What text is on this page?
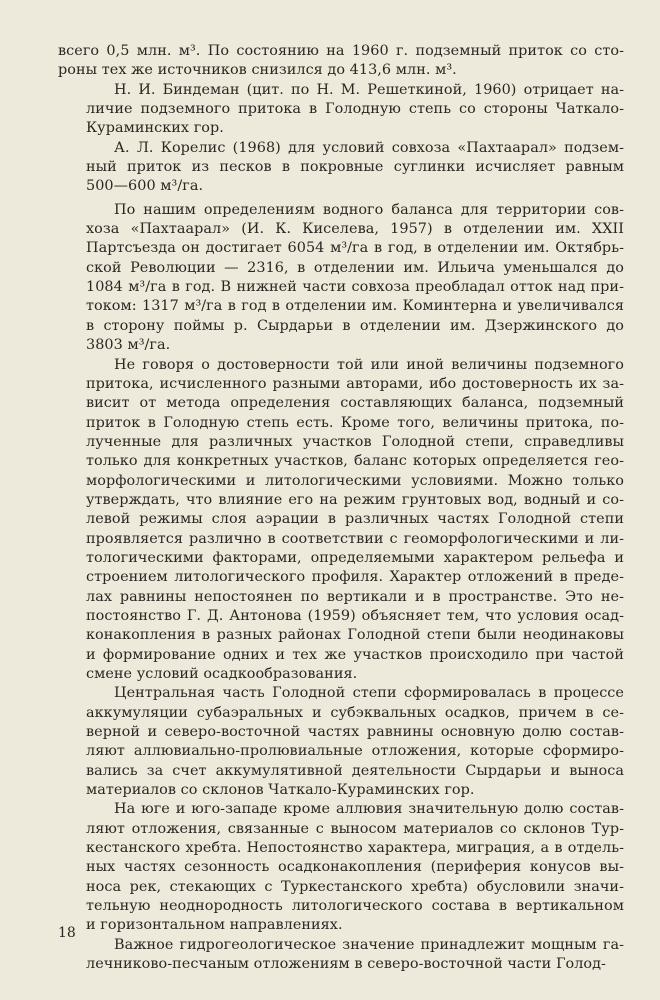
всего 0,5 млн. м³. По состоянию на 1960 г. подземный приток со сто-
роны тех же источников снизился до 413,6 млн. м³.

Н. И. Биндеман (цит. по Н. М. Решеткиной, 1960) отрицает на-
личие подземного притока в Голодную степь со стороны Чаткало-
Кураминских гор.

А. Л. Корелис (1968) для условий совхоза «Пахтаарал» подзем-
ный приток из песков в покровные суглинки исчисляет равным
500—600 м³/га.

По нашим определениям водного баланса для территории сов-
хоза «Пахтаарал» (И. К. Киселева, 1957) в отделении им. XXII
Партсъезда он достигает 6054 м³/га в год, в отделении им. Октябрь-
ской Революции — 2316, в отделении им. Ильича уменьшался до
1084 м³/га в год. В нижней части совхоза преобладал отток над при-
током: 1317 м³/га в год в отделении им. Коминтерна и увеличивался
в сторону поймы р. Сырдарьи в отделении им. Дзержинского до
3803 м³/га.

Не говоря о достоверности той или иной величины подземного
притока, исчисленного разными авторами, ибо достоверность их за-
висит от метода определения составляющих баланса, подземный
приток в Голодную степь есть. Кроме того, величины притока, по-
лученные для различных участков Голодной степи, справедливы
только для конкретных участков, баланс которых определяется гео-
морфологическими и литологическими условиями. Можно только
утверждать, что влияние его на режим грунтовых вод, водный и со-
левой режимы слоя аэрации в различных частях Голодной степи
проявляется различно в соответствии с геоморфологическими и ли-
тологическими факторами, определяемыми характером рельефа и
строением литологического профиля. Характер отложений в преде-
лах равнины непостоянен по вертикали и в пространстве. Это не-
постоянство Г. Д. Антонова (1959) объясняет тем, что условия осад-
конакопления в разных районах Голодной степи были неодинаковы
и формирование одних и тех же участков происходило при частой
смене условий осадкообразования.

Центральная часть Голодной степи сформировалась в процессе
аккумуляции субаэральных и субэквальных осадков, причем в се-
верной и северо-восточной частях равнины основную долю состав-
ляют аллювиально-пролювиальные отложения, которые сформиро-
вались за счет аккумулятивной деятельности Сырдарьи и выноса
материалов со склонов Чаткало-Кураминских гор.

На юге и юго-западе кроме аллювия значительную долю состав-
ляют отложения, связанные с выносом материалов со склонов Тур-
кестанского хребта. Непостоянство характера, миграция, а в отдель-
ных частях сезонность осадконакопления (периферия конусов вы-
носа рек, стекающих с Туркестанского хребта) обусловили значи-
тельную неоднородность литологического состава в вертикальном
и горизонтальном направлениях.

Важное гидрогеологическое значение принадлежит мощным га-
лечниково-песчаным отложениям в северо-восточной части Голод-

18
